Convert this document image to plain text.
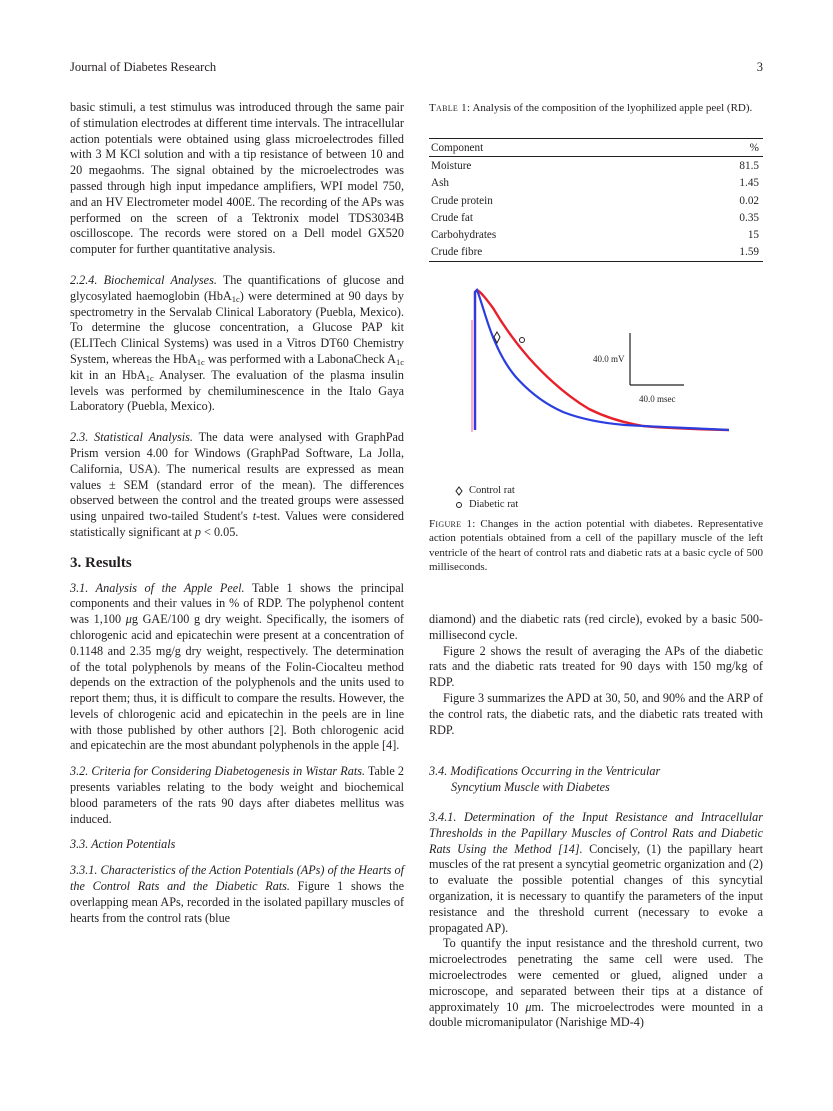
Journal of Diabetes Research	3

basic stimuli, a test stimulus was introduced through the same pair of stimulation electrodes at different time intervals. The intracellular action potentials were obtained using glass microelectrodes filled with 3 M KCl solution and with a tip resistance of between 10 and 20 megaohms. The signal obtained by the microelectrodes was passed through high input impedance amplifiers, WPI model 750, and an HV Electrometer model 400E. The recording of the APs was performed on the screen of a Tektronix model TDS3034B oscilloscope. The records were stored on a Dell model GX520 computer for further quantitative analysis.

2.2.4. Biochemical Analyses. The quantifications of glucose and glycosylated haemoglobin (HbA$_{1c}$) were determined at 90 days by spectrometry in the Servalab Clinical Laboratory (Puebla, Mexico). To determine the glucose concentration, a Glucose PAP kit (ELITech Clinical Systems) was used in a Vitros DT60 Chemistry System, whereas the HbA$_{1c}$ was performed with a LabonaCheck $A_{1c}$ kit in an HbA$_{1c}$ Analyser. The evaluation of the plasma insulin levels was performed by chemiluminescence in the Italo Gaya Laboratory (Puebla, Mexico).

2.3. Statistical Analysis. The data were analysed with GraphPad Prism version 4.00 for Windows (GraphPad Software, La Jolla, California, USA). The numerical results are expressed as mean values ± SEM (standard error of the mean). The differences observed between the control and the treated groups were assessed using unpaired two-tailed Student's t-test. Values were considered statistically significant at p < 0.05.

3. Results

3.1. Analysis of the Apple Peel. Table 1 shows the principal components and their values in % of RDP. The polyphenol content was 1,100 μg GAE/100 g dry weight. Specifically, the isomers of chlorogenic acid and epicatechin were present at a concentration of 0.1148 and 2.35 mg/g dry weight, respectively. The determination of the total polyphenols by means of the Folin-Ciocalteu method depends on the extraction of the polyphenols and the units used to report them; thus, it is difficult to compare the results. However, the levels of chlorogenic acid and epicatechin in the peels are in line with those published by other authors [2]. Both chlorogenic acid and epicatechin are the most abundant polyphenols in the apple [4].

3.2. Criteria for Considering Diabetogenesis in Wistar Rats. Table 2 presents variables relating to the body weight and biochemical blood parameters of the rats 90 days after diabetes mellitus was induced.

3.3. Action Potentials

3.3.1. Characteristics of the Action Potentials (APs) of the Hearts of the Control Rats and the Diabetic Rats. Figure 1 shows the overlapping mean APs, recorded in the isolated papillary muscles of hearts from the control rats (blue

Table 1: Analysis of the composition of the lyophilized apple peel (RD).
Component	%
Moisture	81.5
Ash	1.45
Crude protein	0.02
Crude fat	0.35
Carbohydrates	15
Crude fibre	1.59
40.0 mV
40.0 msec
Control rat
Diabetic rat
Figure 1: Changes in the action potential with diabetes. Representative action potentials obtained from a cell of the papillary muscle of the left ventricle of the heart of control rats and diabetic rats at a basic cycle of 500 milliseconds.

diamond) and the diabetic rats (red circle), evoked by a basic 500-millisecond cycle.

Figure 2 shows the result of averaging the APs of the diabetic rats and the diabetic rats treated for 90 days with 150 mg/kg of RDP.

Figure 3 summarizes the APD at 30, 50, and 90% and the ARP of the control rats, the diabetic rats, and the diabetic rats treated with RDP.

3.4. Modifications Occurring in the Ventricular
Syncytium Muscle with Diabetes

3.4.1. Determination of the Input Resistance and Intracellular Thresholds in the Papillary Muscles of Control Rats and Diabetic Rats Using the Method [14]. Concisely, (1) the papillary heart muscles of the rat present a syncytial geometric organization and (2) to evaluate the possible potential changes of this syncytial organization, it is necessary to quantify the parameters of the input resistance and the threshold current (necessary to evoke a propagated AP).

To quantify the input resistance and the threshold current, two microelectrodes penetrating the same cell were used. The microelectrodes were cemented or glued, aligned under a microscope, and separated between their tips at a distance of approximately 10 μm. The microelectrodes were mounted in a double micromanipulator (Narishige MD-4)
